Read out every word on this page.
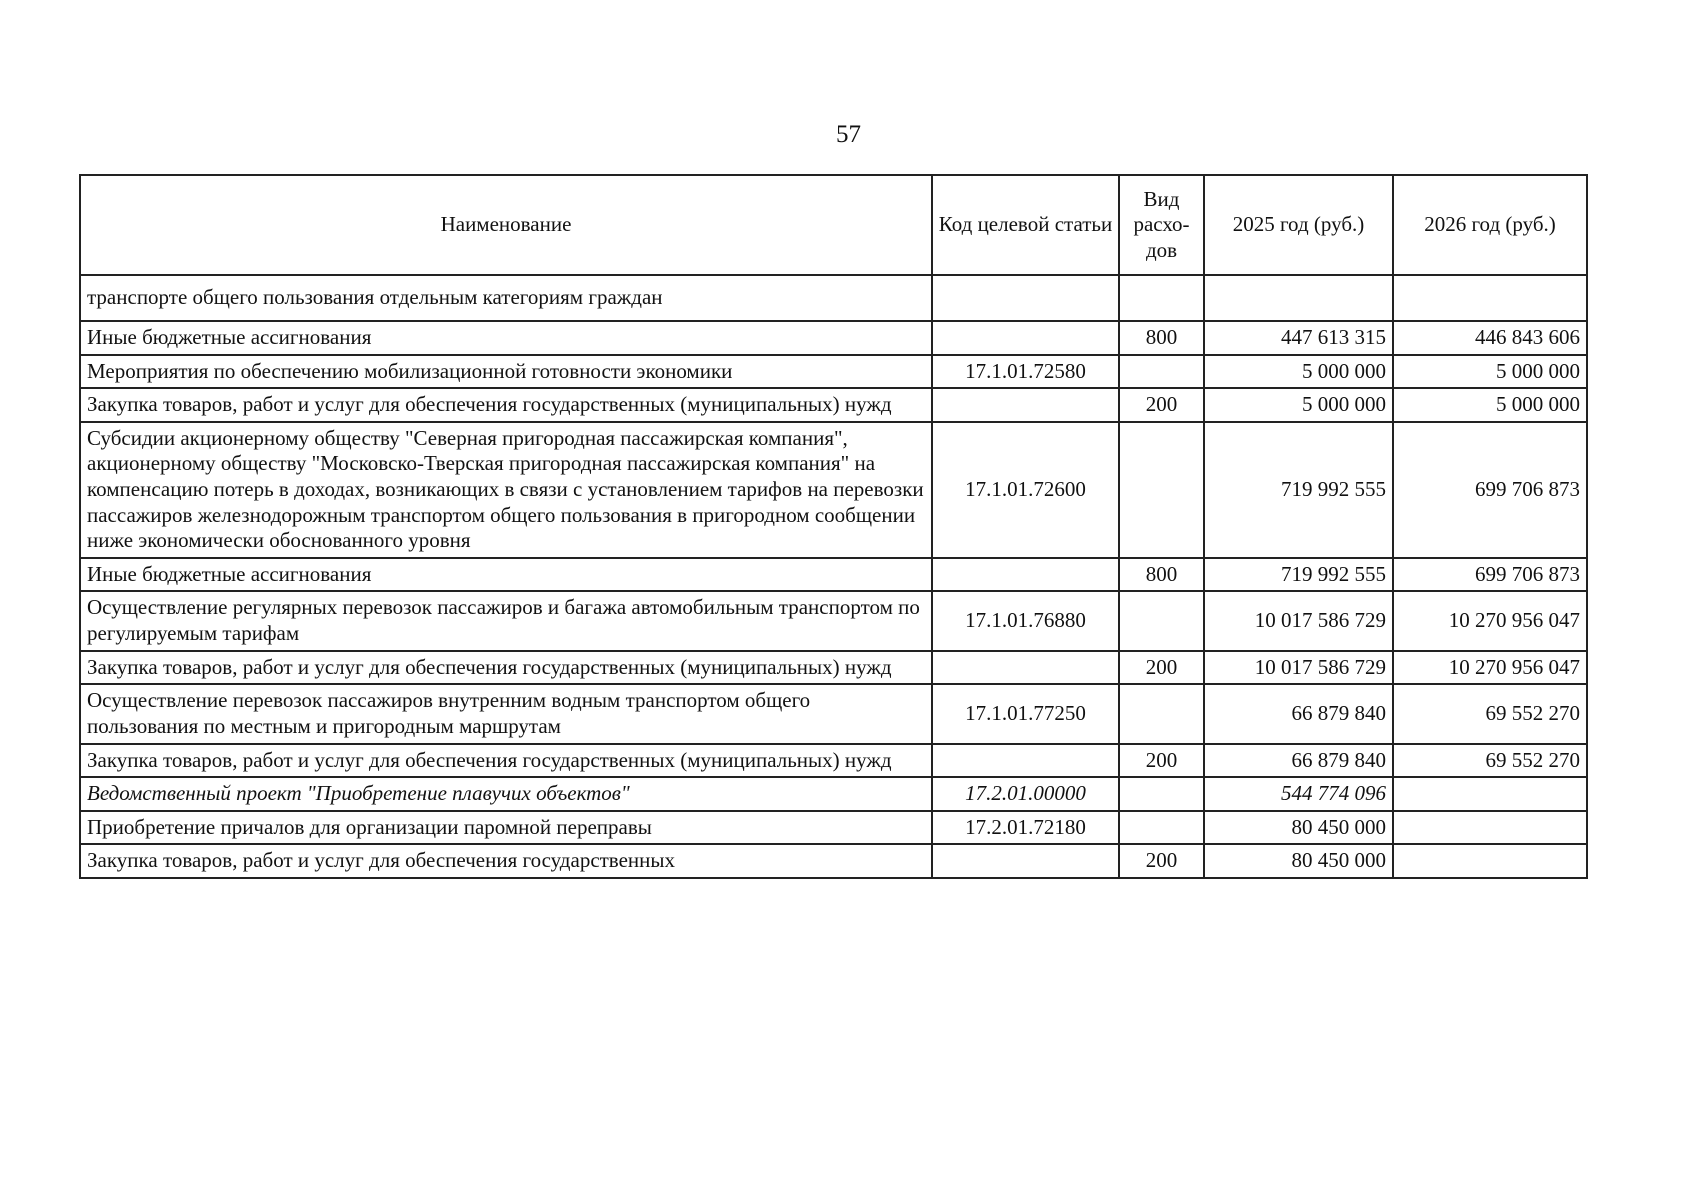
57
Наименование	Код целевой статьи	Вид расхо-дов	2025 год (руб.)	2026 год (руб.)
транспорте общего пользования отдельным категориям граждан				
Иные бюджетные ассигнования		800	447 613 315	446 843 606
Мероприятия по обеспечению мобилизационной готовности экономики	17.1.01.72580		5 000 000	5 000 000
Закупка товаров, работ и услуг для обеспечения государственных (муниципальных) нужд		200	5 000 000	5 000 000
Субсидии акционерному обществу "Северная пригородная пассажирская компания", акционерному обществу "Московско-Тверская пригородная пассажирская компания" на компенсацию потерь в доходах, возникающих в связи с установлением тарифов на перевозки пассажиров железнодорожным транспортом общего пользования в пригородном сообщении ниже экономически обоснованного уровня	17.1.01.72600		719 992 555	699 706 873
Иные бюджетные ассигнования		800	719 992 555	699 706 873
Осуществление регулярных перевозок пассажиров и багажа автомобильным транспортом по регулируемым тарифам	17.1.01.76880		10 017 586 729	10 270 956 047
Закупка товаров, работ и услуг для обеспечения государственных (муниципальных) нужд		200	10 017 586 729	10 270 956 047
Осуществление перевозок пассажиров внутренним водным транспортом общего пользования по местным и пригородным маршрутам	17.1.01.77250		66 879 840	69 552 270
Закупка товаров, работ и услуг для обеспечения государственных (муниципальных) нужд		200	66 879 840	69 552 270
Ведомственный проект "Приобретение плавучих объектов"	17.2.01.00000		544 774 096	
Приобретение причалов для организации паромной переправы	17.2.01.72180		80 450 000	
Закупка товаров, работ и услуг для обеспечения государственных		200	80 450 000	
